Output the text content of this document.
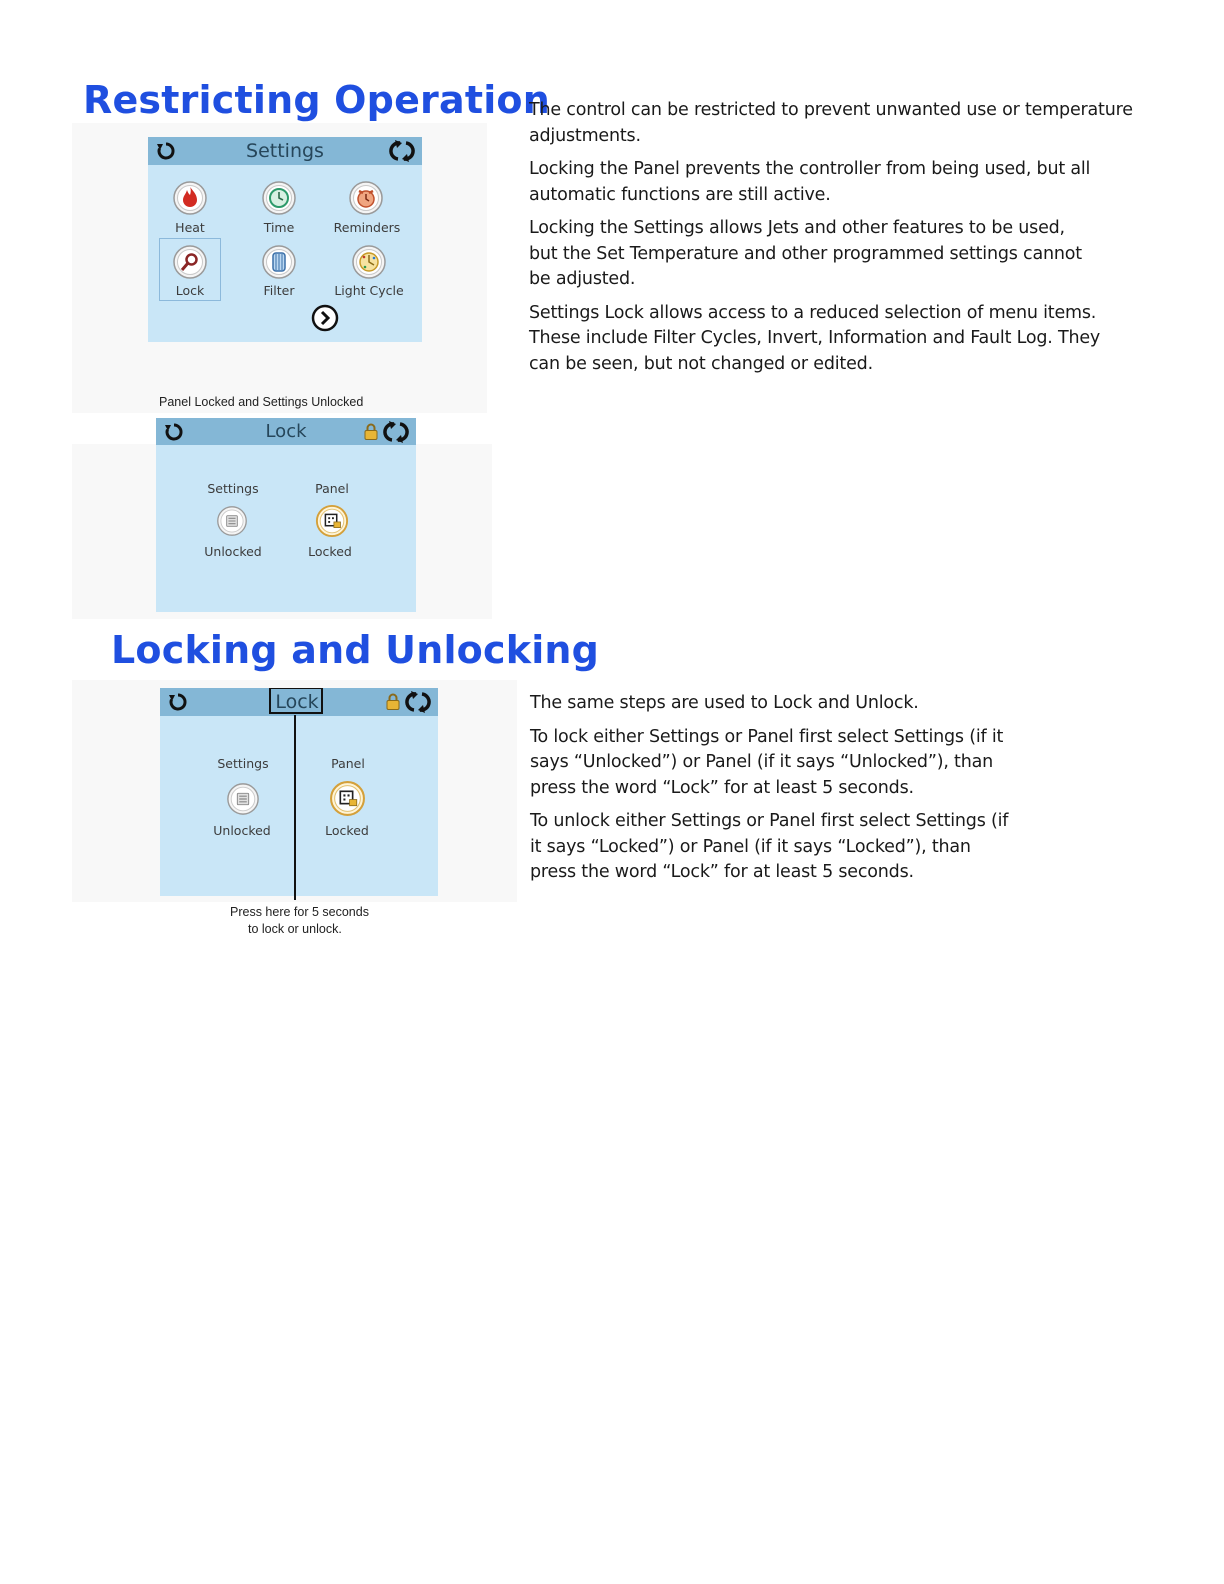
Restricting Operation

The control can be restricted to prevent unwanted use or temperature adjustments.

Locking the Panel prevents the controller from being used, but all automatic functions are still active.

Locking the Settings allows Jets and other features to be used, but the Set Temperature and other programmed settings cannot be adjusted.

Settings Lock allows access to a reduced selection of menu items. These include Filter Cycles, Invert, Information and Fault Log. They can be seen, but not changed or edited.

Settings
Heat	Time	Reminders
Lock	Filter	Light Cycle
Panel Locked and Settings Unlocked
Lock
Settings
Unlocked
Panel
Locked
Locking and Unlocking

The same steps are used to Lock and Unlock.

To lock either Settings or Panel first select Settings (if it says “Unlocked”) or Panel (if it says “Unlocked”), than press the word “Lock” for at least 5 seconds.

To unlock either Settings or Panel first select Settings (if it says “Locked”) or Panel (if it says “Locked”), than press the word “Lock” for at least 5 seconds.

Lock
Settings
Unlocked
Panel
Locked
Press here for 5 seconds
to lock or unlock.
